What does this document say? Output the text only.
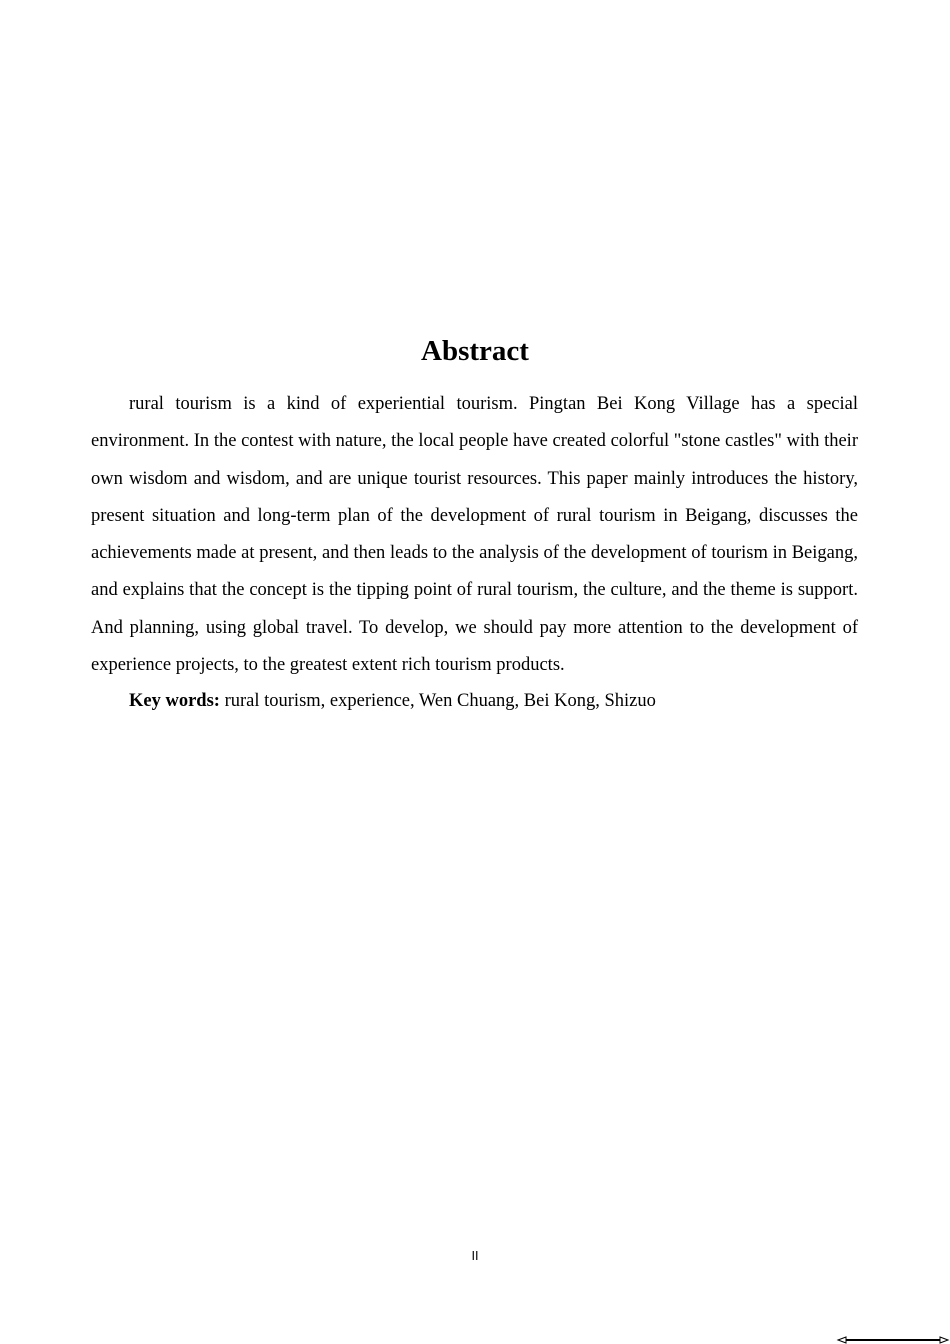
Abstract

rural tourism is a kind of experiential tourism. Pingtan Bei Kong Village has a special environment. In the contest with nature, the local people have created colorful "stone castles" with their own wisdom and wisdom, and are unique tourist resources. This paper mainly introduces the history, present situation and long-term plan of the development of rural tourism in Beigang, discusses the achievements made at present, and then leads to the analysis of the development of tourism in Beigang, and explains that the concept is the tipping point of rural tourism, the culture, and the theme is support. And planning, using global travel. To develop, we should pay more attention to the development of experience projects, to the greatest extent rich tourism products.

Key words: rural tourism, experience, Wen Chuang, Bei Kong, Shizuo

II
